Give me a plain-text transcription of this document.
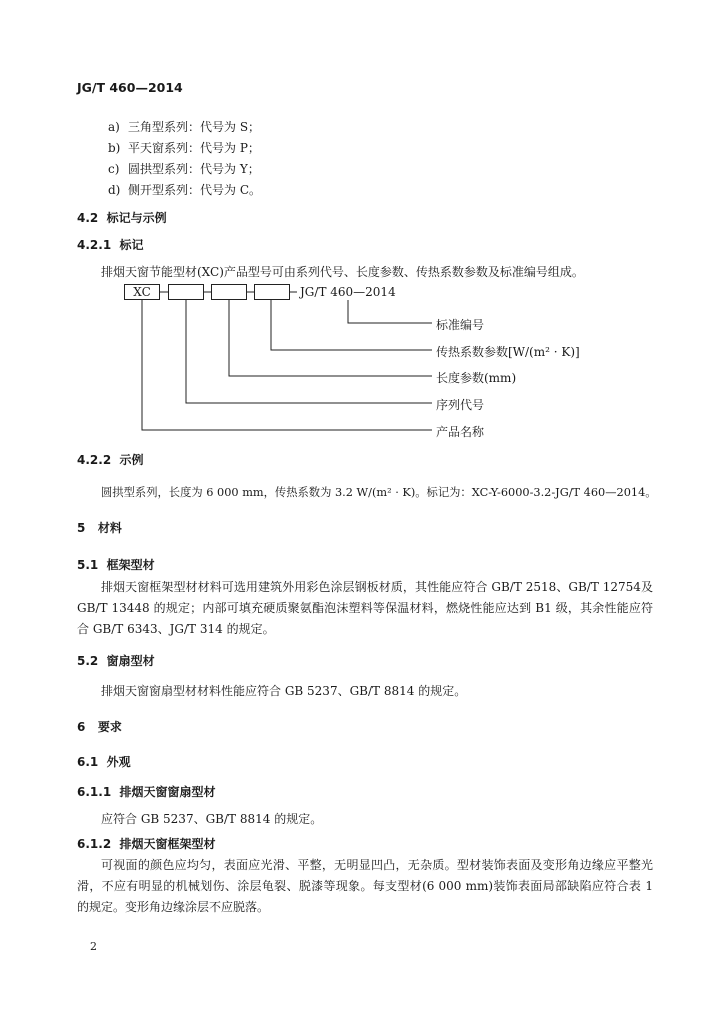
JG/T 460—2014
a) 三角型系列：代号为 S；
b) 平天窗系列：代号为 P；
c) 圆拱型系列：代号为 Y；
d) 侧开型系列：代号为 C。
4.2 标记与示例
4.2.1 标记
排烟天窗节能型材(XC)产品型号可由系列代号、长度参数、传热系数参数及标准编号组成。
XC	JG/T 460—2014
标准编号
传热系数参数[W/(m² · K)]
长度参数(mm)
序列代号
产品名称
4.2.2 示例
圆拱型系列，长度为 6 000 mm，传热系数为 3.2 W/(m² · K)。标记为：XC-Y-6000-3.2-JG/T 460—2014。
5 材料
5.1 框架型材
排烟天窗框架型材材料可选用建筑外用彩色涂层钢板材质，其性能应符合 GB/T 2518、GB/T 12754及 GB/T 13448 的规定；内部可填充硬质聚氨酯泡沫塑料等保温材料，燃烧性能应达到 B1 级，其余性能应符合 GB/T 6343、JG/T 314 的规定。
5.2 窗扇型材
排烟天窗窗扇型材材料性能应符合 GB 5237、GB/T 8814 的规定。
6 要求
6.1 外观
6.1.1 排烟天窗窗扇型材
应符合 GB 5237、GB/T 8814 的规定。
6.1.2 排烟天窗框架型材
可视面的颜色应均匀，表面应光滑、平整，无明显凹凸，无杂质。型材装饰表面及变形角边缘应平整光滑，不应有明显的机械划伤、涂层龟裂、脱漆等现象。每支型材(6 000 mm)装饰表面局部缺陷应符合表 1 的规定。变形角边缘涂层不应脱落。
2
